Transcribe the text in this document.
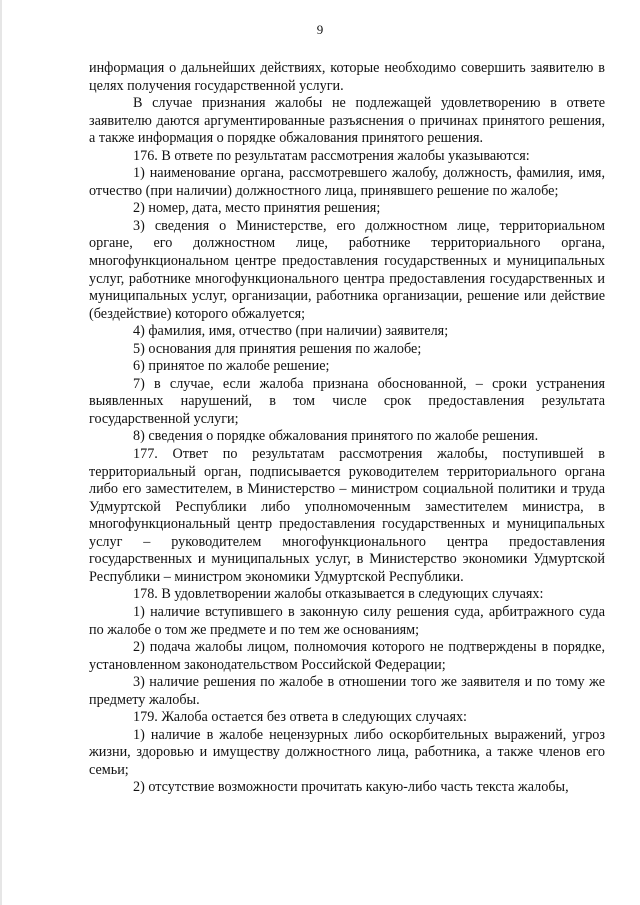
9

информация о дальнейших действиях, которые необходимо совершить заявителю в целях получения государственной услуги.

В случае признания жалобы не подлежащей удовлетворению в ответе заявителю даются аргументированные разъяснения о причинах принятого решения, а также информация о порядке обжалования принятого решения.

176. В ответе по результатам рассмотрения жалобы указываются:

1) наименование органа, рассмотревшего жалобу, должность, фамилия, имя, отчество (при наличии) должностного лица, принявшего решение по жалобе;

2) номер, дата, место принятия решения;

3) сведения о Министерстве, его должностном лице, территориальном органе, его должностном лице, работнике территориального органа, многофункциональном центре предоставления государственных и муниципальных услуг, работнике многофункционального центра предоставления государственных и муниципальных услуг, организации, работника организации, решение или действие (бездействие) которого обжалуется;

4) фамилия, имя, отчество (при наличии) заявителя;

5) основания для принятия решения по жалобе;

6) принятое по жалобе решение;

7) в случае, если жалоба признана обоснованной, – сроки устранения выявленных нарушений, в том числе срок предоставления результата государственной услуги;

8) сведения о порядке обжалования принятого по жалобе решения.

177. Ответ по результатам рассмотрения жалобы, поступившей в территориальный орган, подписывается руководителем территориального органа либо его заместителем, в Министерство – министром социальной политики и труда Удмуртской Республики либо уполномоченным заместителем министра, в многофункциональный центр предоставления государственных и муниципальных услуг – руководителем многофункционального центра предоставления государственных и муниципальных услуг, в Министерство экономики Удмуртской Республики – министром экономики Удмуртской Республики.

178. В удовлетворении жалобы отказывается в следующих случаях:

1) наличие вступившего в законную силу решения суда, арбитражного суда по жалобе о том же предмете и по тем же основаниям;

2) подача жалобы лицом, полномочия которого не подтверждены в порядке, установленном законодательством Российской Федерации;

3) наличие решения по жалобе в отношении того же заявителя и по тому же предмету жалобы.

179. Жалоба остается без ответа в следующих случаях:

1) наличие в жалобе нецензурных либо оскорбительных выражений, угроз жизни, здоровью и имуществу должностного лица, работника, а также членов его семьи;

2) отсутствие возможности прочитать какую-либо часть текста жалобы,
